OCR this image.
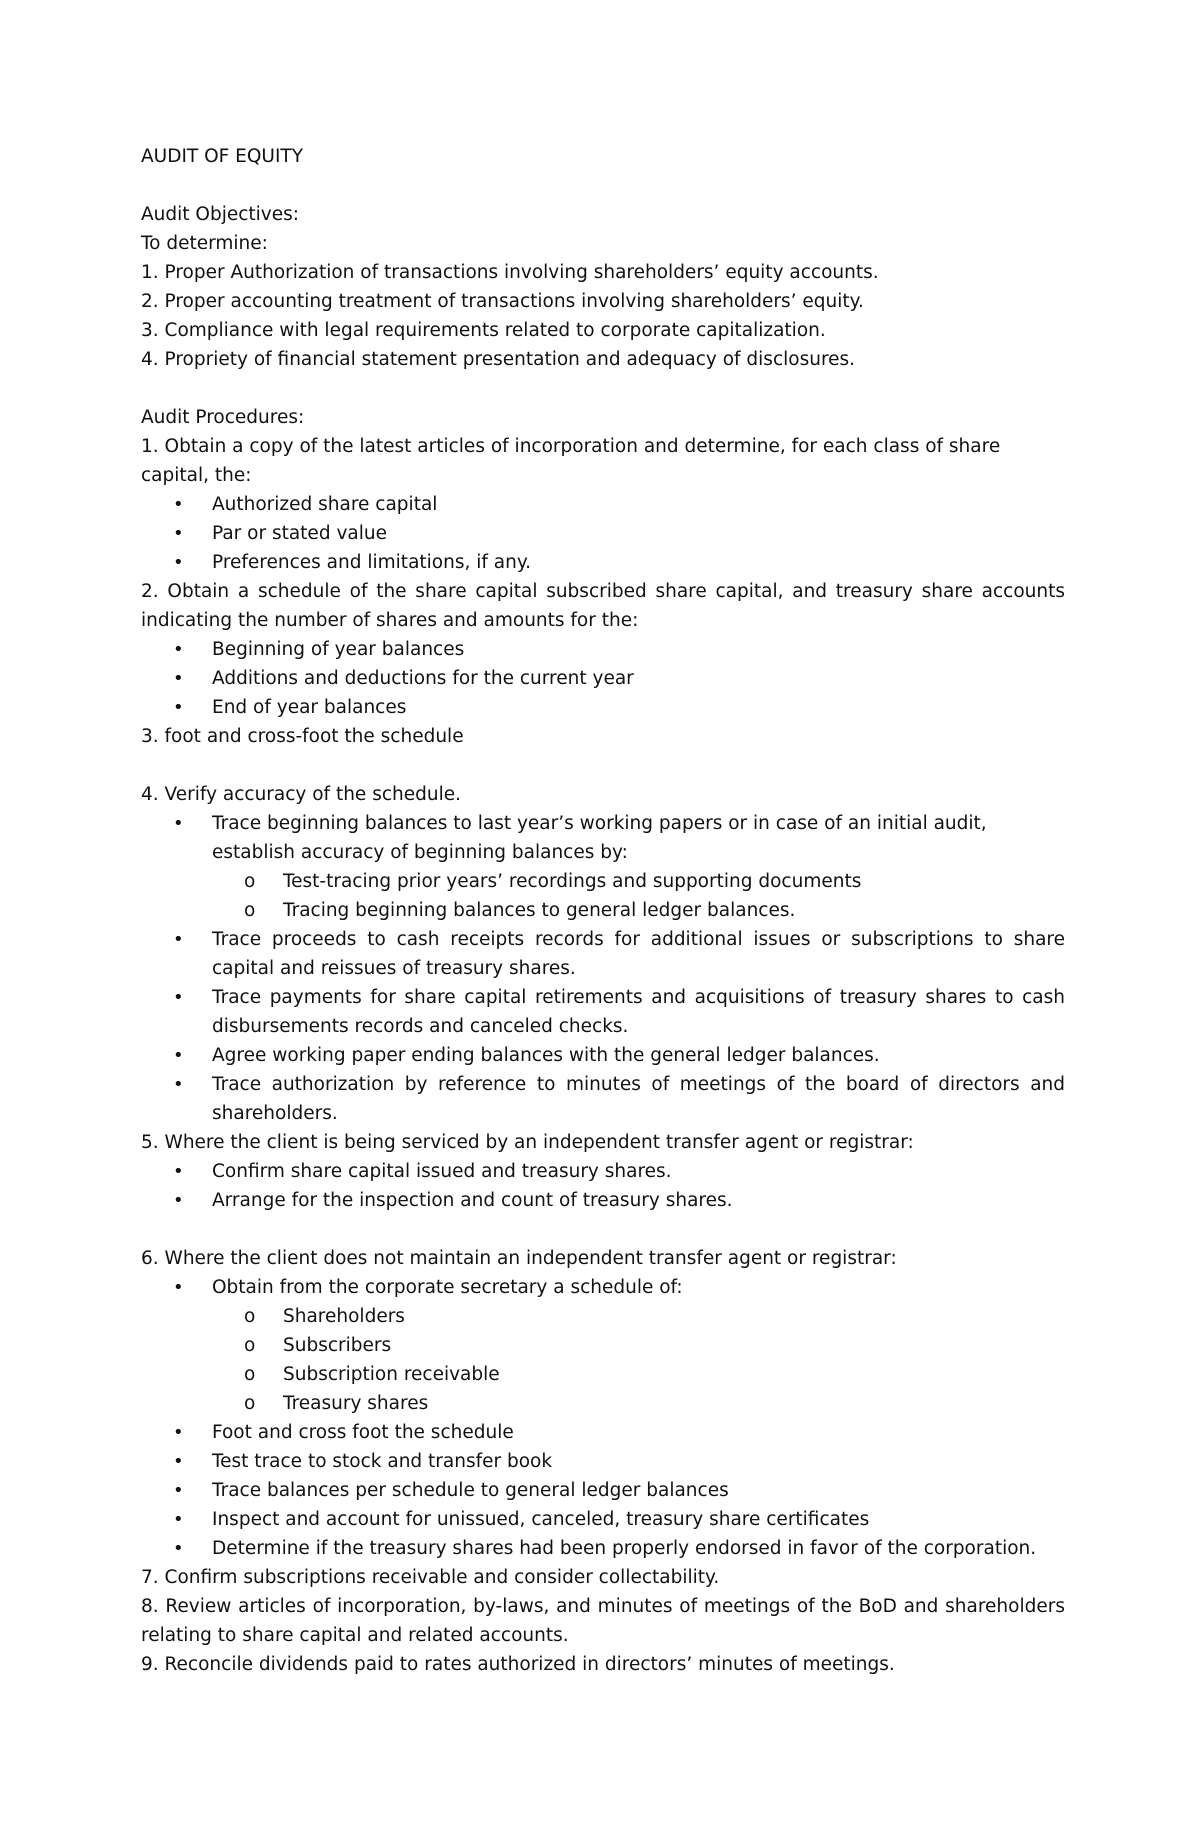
AUDIT OF EQUITY
Audit Objectives:
To determine:
1. Proper Authorization of transactions involving shareholders’ equity accounts.
2. Proper accounting treatment of transactions involving shareholders’ equity.
3. Compliance with legal requirements related to corporate capitalization.
4. Propriety of financial statement presentation and adequacy of disclosures.
Audit Procedures:
1. Obtain a copy of the latest articles of incorporation and determine, for each class of share capital, the:
• Authorized share capital
• Par or stated value
• Preferences and limitations, if any.
2. Obtain a schedule of the share capital subscribed share capital, and treasury share accounts indicating the number of shares and amounts for the:
• Beginning of year balances
• Additions and deductions for the current year
• End of year balances
3. foot and cross-foot the schedule
4. Verify accuracy of the schedule.
• Trace beginning balances to last year’s working papers or in case of an initial audit, establish accuracy of beginning balances by:
o Test-tracing prior years’ recordings and supporting documents
o Tracing beginning balances to general ledger balances.
• Trace proceeds to cash receipts records for additional issues or subscriptions to share capital and reissues of treasury shares.
• Trace payments for share capital retirements and acquisitions of treasury shares to cash disbursements records and canceled checks.
• Agree working paper ending balances with the general ledger balances.
• Trace authorization by reference to minutes of meetings of the board of directors and shareholders.
5. Where the client is being serviced by an independent transfer agent or registrar:
• Confirm share capital issued and treasury shares.
• Arrange for the inspection and count of treasury shares.
6. Where the client does not maintain an independent transfer agent or registrar:
• Obtain from the corporate secretary a schedule of:
o Shareholders
o Subscribers
o Subscription receivable
o Treasury shares
• Foot and cross foot the schedule
• Test trace to stock and transfer book
• Trace balances per schedule to general ledger balances
• Inspect and account for unissued, canceled, treasury share certificates
• Determine if the treasury shares had been properly endorsed in favor of the corporation.
7. Confirm subscriptions receivable and consider collectability.
8. Review articles of incorporation, by-laws, and minutes of meetings of the BoD and shareholders relating to share capital and related accounts.
9. Reconcile dividends paid to rates authorized in directors’ minutes of meetings.
